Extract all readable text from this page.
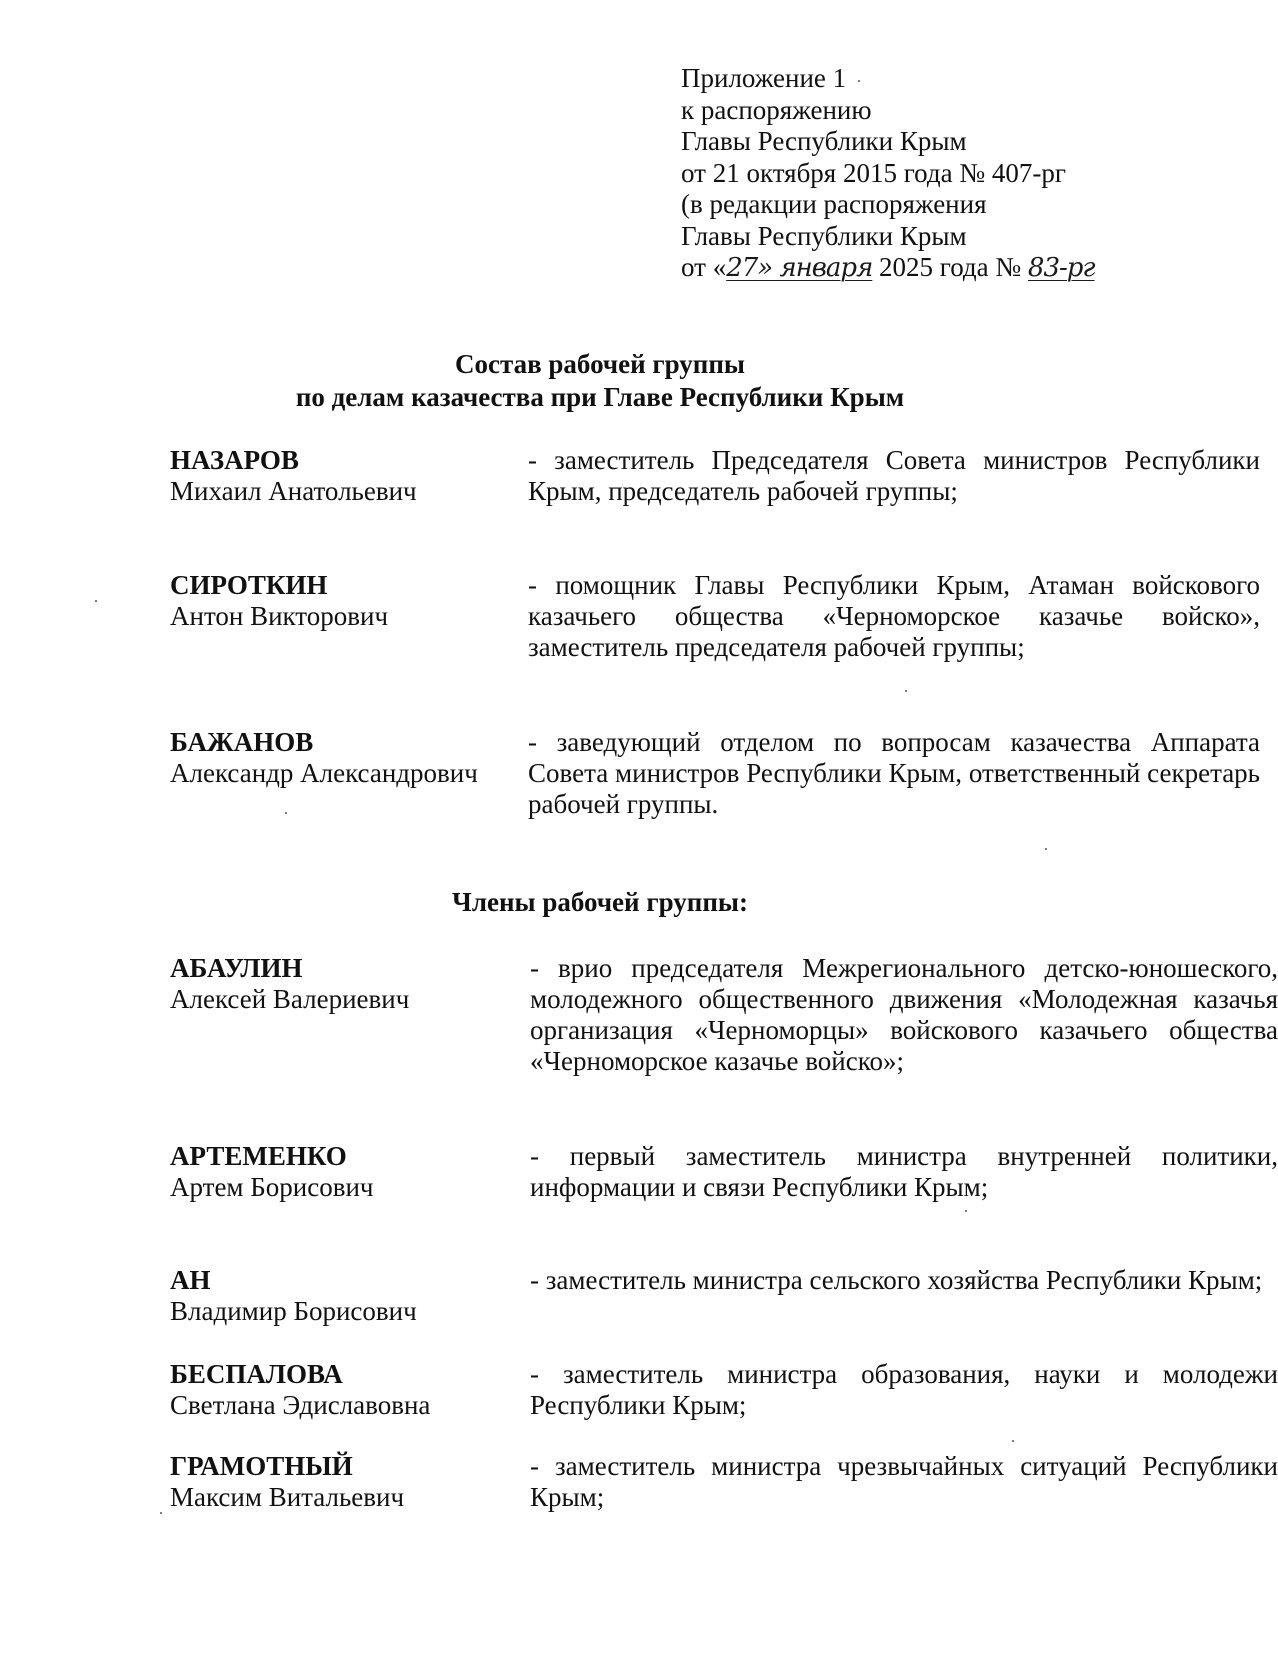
Приложение 1
к распоряжению
Главы Республики Крым
от 21 октября 2015 года № 407-рг
(в редакции распоряжения
Главы Республики Крым
от «27» января 2025 года № 83-рг
Состав рабочей группы
по делам казачества при Главе Республики Крым
НАЗАРОВ
Михаил Анатольевич
- заместитель Председателя Совета министров Республики Крым, председатель рабочей группы;
СИРОТКИН
Антон Викторович
- помощник Главы Республики Крым, Атаман войскового казачьего общества «Черноморское казачье войско», заместитель председателя рабочей группы;
БАЖАНОВ
Александр Александрович
- заведующий отделом по вопросам казачества Аппарата Совета министров Республики Крым, ответственный секретарь рабочей группы.
Члены рабочей группы:
АБАУЛИН
Алексей Валериевич
- врио председателя Межрегионального детско-юношеского, молодежного общественного движения «Молодежная казачья организация «Черноморцы» войскового казачьего общества «Черноморское казачье войско»;
АРТЕМЕНКО
Артем Борисович
- первый заместитель министра внутренней политики, информации и связи Республики Крым;
АН
Владимир Борисович
- заместитель министра сельского хозяйства Республики Крым;
БЕСПАЛОВА
Светлана Эдиславовна
- заместитель министра образования, науки и молодежи Республики Крым;
ГРАМОТНЫЙ
Максим Витальевич
- заместитель министра чрезвычайных ситуаций Республики Крым;
